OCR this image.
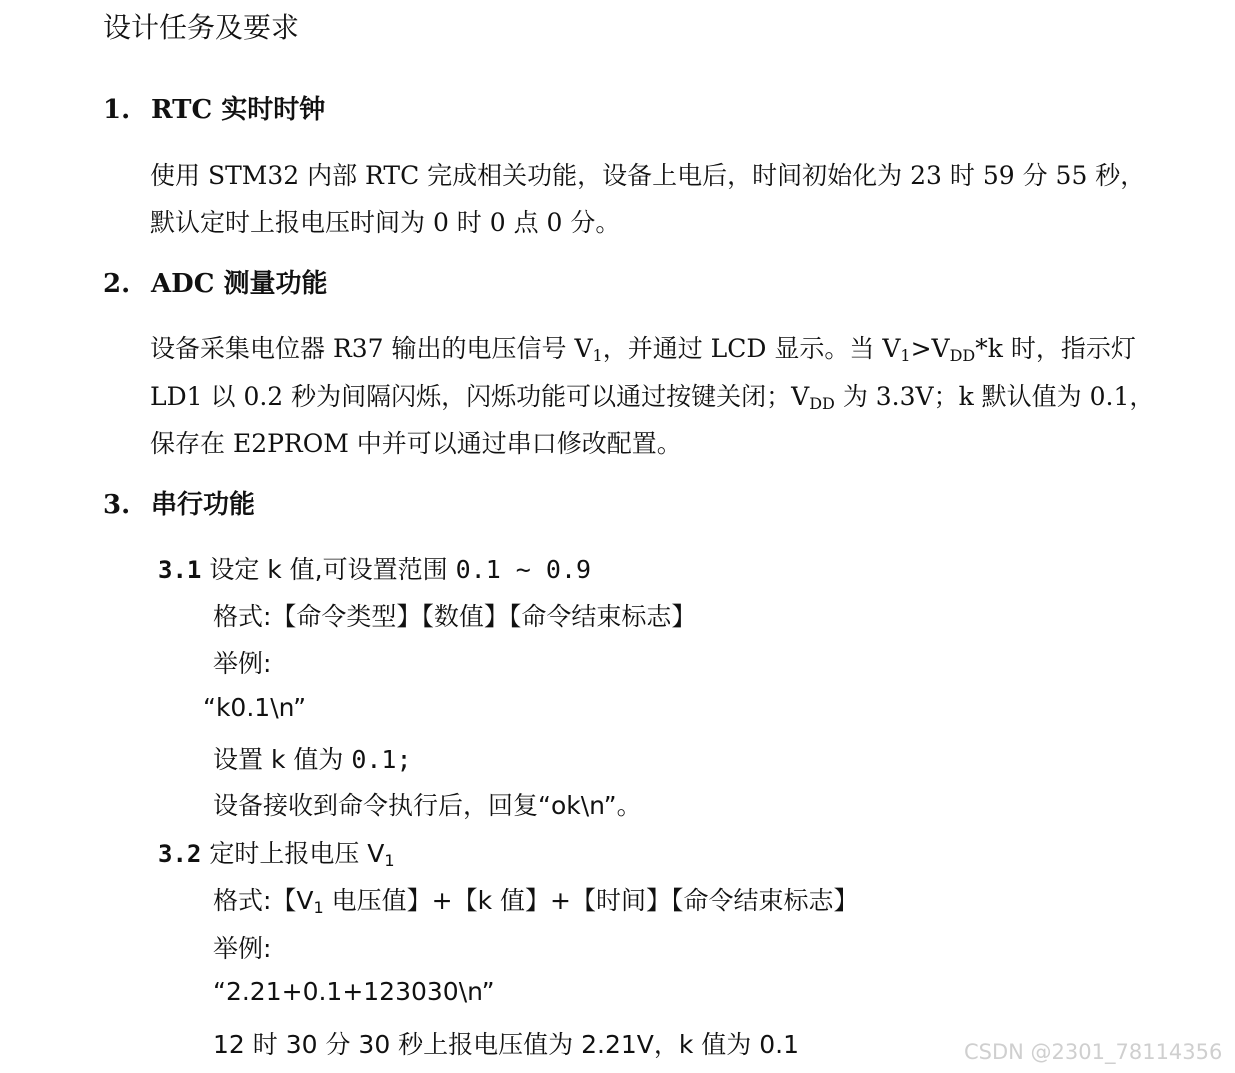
设计任务及要求
1. RTC 实时时钟
使用 STM32 内部 RTC 完成相关功能，设备上电后，时间初始化为 23 时 59 分 55 秒，
默认定时上报电压时间为 0 时 0 点 0 分。
2. ADC 测量功能
设备采集电位器 R37 输出的电压信号 $V_1$，并通过 LCD 显示。当 $V_1>V_{DD}*k$ 时，指示灯
LD1 以 0.2 秒为间隔闪烁，闪烁功能可以通过按键关闭；$V_{DD}$ 为 3.3V；k 默认值为 0.1，
保存在 E2PROM 中并可以通过串口修改配置。
3. 串行功能
3.1 设定 k 值,可设置范围 0.1 ~ 0.9
格式:【命令类型】【数值】【命令结束标志】
举例:
“k0.1\n”
设置 k 值为 0.1;
设备接收到命令执行后，回复“ok\n”。
3.2 定时上报电压 $V_1$
格式:【$V_1$ 电压值】+【k 值】+【时间】【命令结束标志】
举例:
“2.21+0.1+123030\n”
12 时 30 分 30 秒上报电压值为 2.21V，k 值为 0.1	CSDN @2301_78114356
